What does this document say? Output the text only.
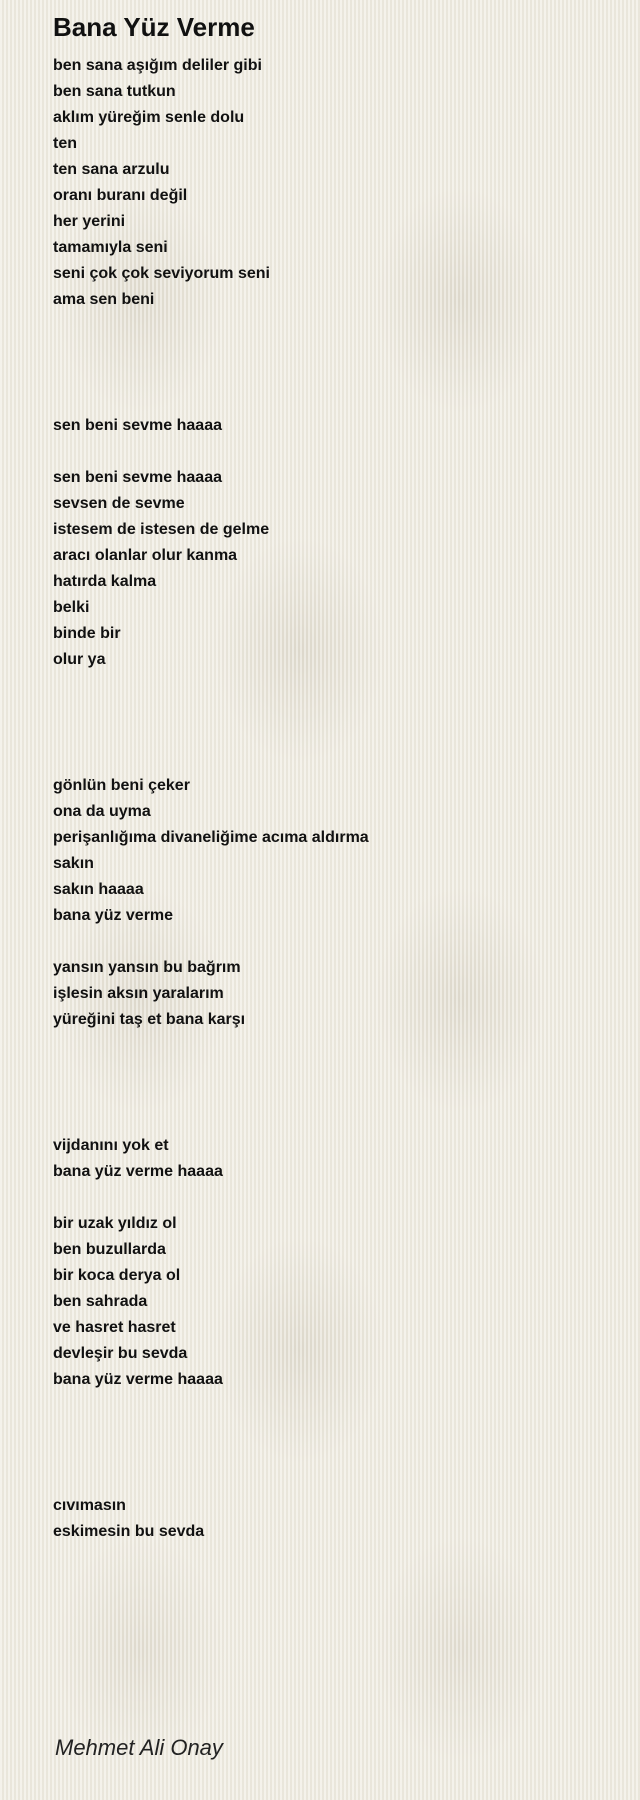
Bana Yüz Verme
ben sana aşığım deliler gibi
ben sana tutkun
aklım yüreğim senle dolu
ten
ten sana arzulu
oranı buranı değil
her yerini
tamamıyla seni
seni çok çok seviyorum seni
ama sen beni
sen beni sevme haaaa
sen beni sevme haaaa
sevsen de sevme
istesem de istesen de gelme
aracı olanlar olur kanma
hatırda kalma
belki
binde bir
olur ya
gönlün beni çeker
ona da uyma
perişanlığıma divaneliğime acıma aldırma
sakın
sakın haaaa
bana yüz verme
yansın yansın bu bağrım
işlesin aksın yaralarım
yüreğini taş et bana karşı
vijdanını yok et
bana yüz verme haaaa
bir uzak yıldız ol
ben buzullarda
bir koca derya ol
ben sahrada
ve hasret hasret
devleşir bu sevda
bana yüz verme haaaa
cıvımasın
eskimesin bu sevda
Mehmet Ali Onay
